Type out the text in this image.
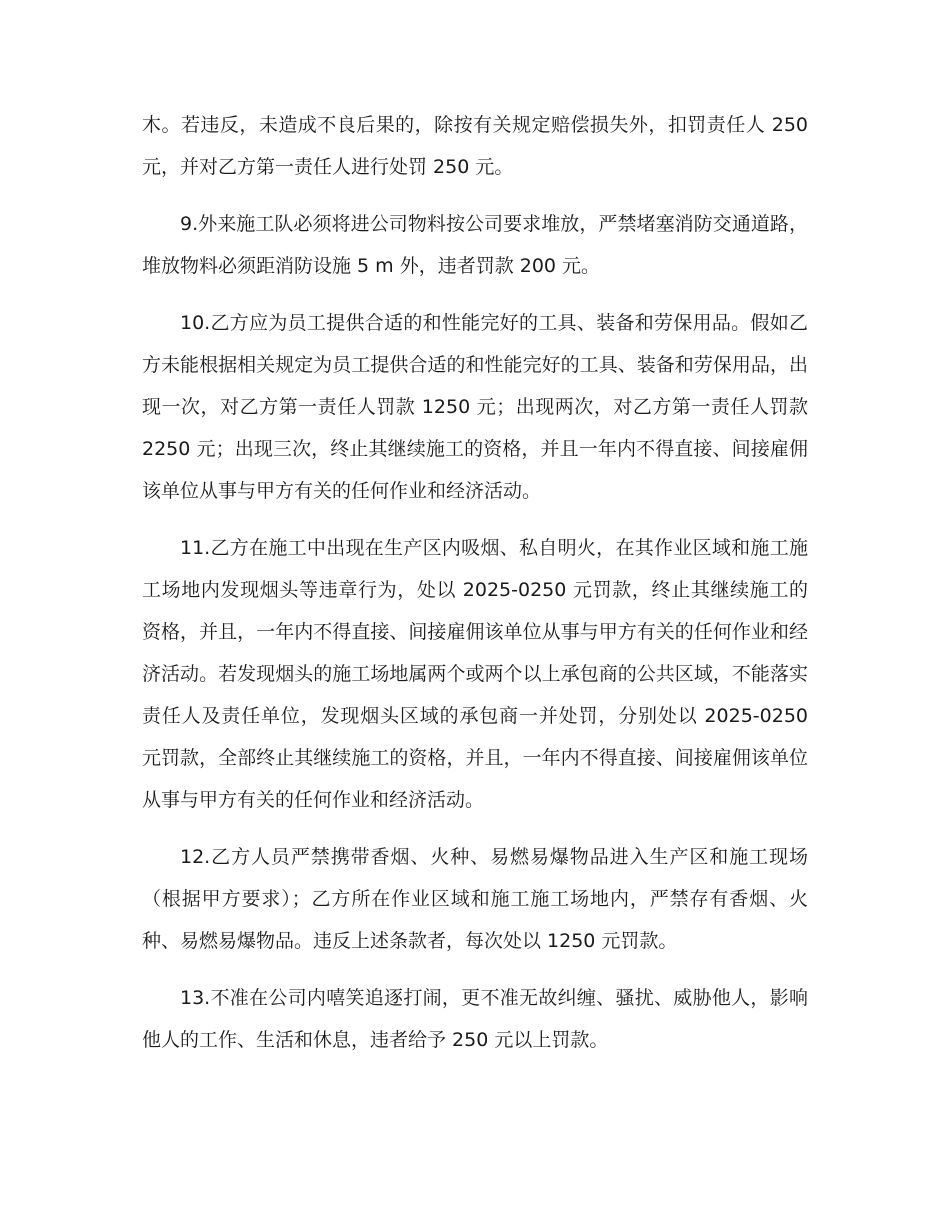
木。若违反，未造成不良后果的，除按有关规定赔偿损失外，扣罚责任人 250 元，并对乙方第一责任人进行处罚 250 元。

9.外来施工队必须将进公司物料按公司要求堆放，严禁堵塞消防交通道路，堆放物料必须距消防设施 5 m 外，违者罚款 200 元。

10.乙方应为员工提供合适的和性能完好的工具、装备和劳保用品。假如乙方未能根据相关规定为员工提供合适的和性能完好的工具、装备和劳保用品，出现一次，对乙方第一责任人罚款 1250 元；出现两次，对乙方第一责任人罚款 2250 元；出现三次，终止其继续施工的资格，并且一年内不得直接、间接雇佣该单位从事与甲方有关的任何作业和经济活动。

11.乙方在施工中出现在生产区内吸烟、私自明火，在其作业区域和施工施工场地内发现烟头等违章行为，处以 2025-0250 元罚款，终止其继续施工的资格，并且，一年内不得直接、间接雇佣该单位从事与甲方有关的任何作业和经济活动。若发现烟头的施工场地属两个或两个以上承包商的公共区域，不能落实责任人及责任单位，发现烟头区域的承包商一并处罚，分别处以 2025-0250 元罚款，全部终止其继续施工的资格，并且，一年内不得直接、间接雇佣该单位从事与甲方有关的任何作业和经济活动。

12.乙方人员严禁携带香烟、火种、易燃易爆物品进入生产区和施工现场（根据甲方要求）；乙方所在作业区域和施工施工场地内，严禁存有香烟、火种、易燃易爆物品。违反上述条款者，每次处以 1250 元罚款。

13.不准在公司内嘻笑追逐打闹，更不准无故纠缠、骚扰、威胁他人，影响他人的工作、生活和休息，违者给予 250 元以上罚款。
